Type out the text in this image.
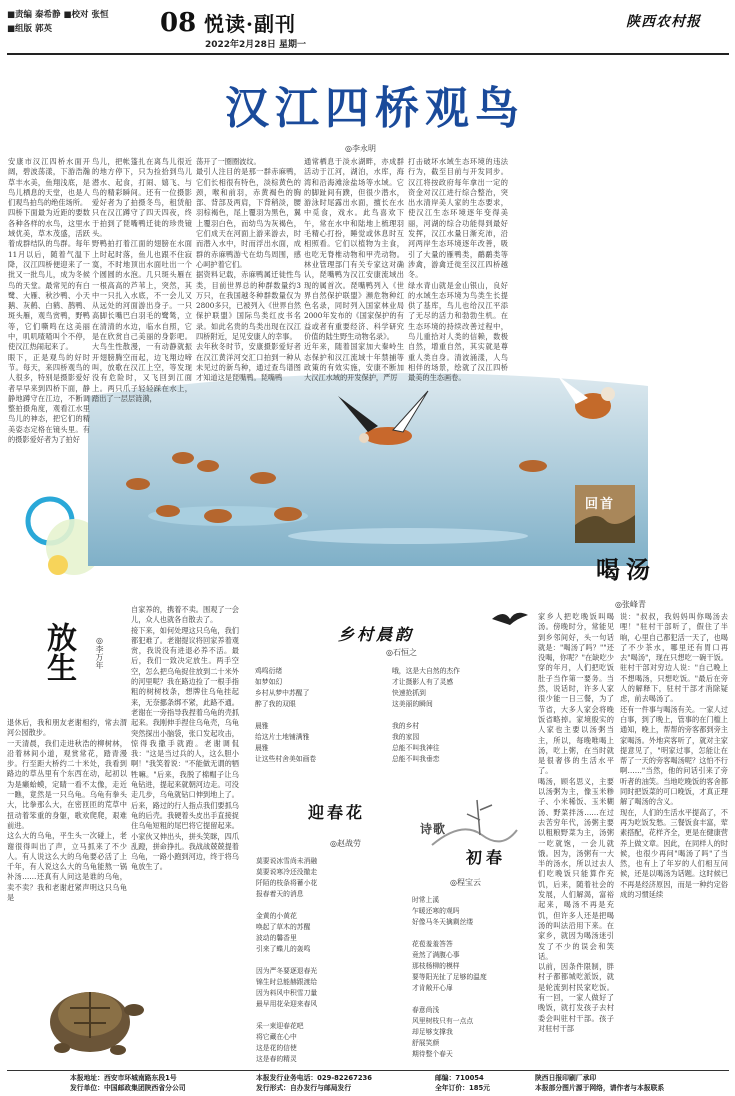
■责编 秦希静 ■校对 张恒
■组版 郭英	08 悦读·副刊
2022年2月28日 星期一
陕西农村报
汉江四桥观鸟
◎李永明
安康市汉江四桥水面开阔，碧波荡漾，下游浩瀚草丰水美，鱼翔浅底，是鸟儿栖息的天堂，也是人们观鸟拍鸟的绝佳场所。
四桥下面最为近距的要数各种各样的水鸟，这里水域优美，草木茂盛，活跃着成群结队的鸟群。每年11月以后，随着气温下降，汉江四桥便迎来了一批又一批鸟儿，成为冬候鸟的天堂。最常见的有白鹭、大雁、秋沙鸭、小天鹅、灰鹤、白鹤、鹊鸭、斑头雁，观鸟赏鸭，野鸭等，它们嘶鸣在这美丽中，叽叽喳喳叫个不停，使汉江热闹起来了。
眼下，正是观鸟的好时节。每天，来四桥观鸟的人很多，特别是摄影爱好者早早来到四桥下面，静静地蹲守在江边，不断调整拍摄角度，观看江水里鸟儿的神态，把它们的精美姿态定格在镜头里。有的摄影爱好者为了拍好
鸟儿，把帐篷扎在离鸟儿很近的地方停下，只为捡拾到鸟儿潜水、起食，打闹、嬉飞、与鸟的精彩瞬间。还有一位摄影爱好者为了拍摄冬鸟，租赁船只在汉江蹲守了四天四夜，终于拍到了琵嘴鸭迁徙的珍贵镜头。
野鸭拍打着江面的翅膀在水面上时起时落，鱼儿也跟不住寂寞，不时地顶出水面吐出一个个圆圆的水泡。几只斑头雁在一根高高的芦苇上，突然，其中一只扎入水底，不一会儿又从远处的河面游出身子。一只高脚长嘴巴白羽毛的鹭鸶，立在清清的水边，临水自照，它是在欣赏自己美丽的身影吧。大鸟生性散漫，一有动静就振开翅膀腾空而起，边飞翔边啼叫，放歌在汉江上空，等发现没有危险时，又飞回到江面上。两只爪子轻轻踩在水上，踏出了一层层涟漪，
荡开了一圈圈波纹。
最引人注目的是那一群赤麻鸭，它们长相很有特色，淡棕黄色的颈，喉和前羽，赤黄褐色的胸部、背部及两肩，下背稍淡，腰羽棕褐色，尾上覆羽为黑色，翼上覆羽白色，而幼鸟为灰褐色，它们成天在河面上游来游去，时而潜入水中，时而浮出水面，成群的赤麻鸭游弋在幼鸟周围，感心呵护着它们。
据资料记载，赤麻鸭属迁徙性鸟类，目前世界总的种群数量约3万只，在我国越冬种群数量仅为2800多只，已被列入《世界自然保护联盟》国际鸟类红皮书名录。如此名贵的鸟类出现在汉江四桥附近，足见安康人的幸事。
去年秋冬时节，安康摄影爱好者在汉江黄洋河交汇口拍到一种从未见过的新鸟种，通过查鸟谱图才知道这是琵嘴鸭。琵嘴鸭
通常栖息于淡水湖畔，亦成群活动于江河，湖泊，水库，海湾和沿海滩涂盐场等水域。它的脚趾间有蹼，但很少潜水，游泳时尾露出水面，擅长在水中觅食，戏水。此鸟喜欢下午，常在水中和陆地上梳理羽毛精心打扮，睡觉或休息时互相照看。它们以植物为主食，也吃无脊椎动物和甲壳动物。林业管理部门有关专家这对确认，琵嘴鸭为汉江安康流域出现的属首次。琵嘴鸭列入《世界自然保护联盟》濒危物种红色名录，同时列入国家林业局2000年发布的《国家保护的有益或者有重要经济、科学研究价值的陆生野生动物名录》。
近年来，随着国家加大秦岭生态保护和汉江流域十年禁捕等政策的有效实施，安康不断加大汉江水域的开发保护，严厉
打击破坏水域生态环境的违法行为，截至目前与开发同步。汉江将按政府每年拿出一定的资金对汉江进行综合整治，突出水清岸美人家的生态要求，使汉江生态环境逐年变得美丽，河湖的综合功能得到最好发挥，汉江水量日渐充沛，沿河两岸生态环境逐年改善，吸引了大量的雁鸭类，鹬鹬类等涉禽，游禽迁徙至汉江四桥越冬。
绿水青山就是金山银山，良好的水域生态环境为鸟类生长提供了基库，鸟儿也给汉江平添了无尽的活力和勃勃生机。在生态环境的持续改善过程中，鸟儿重拾对人类的信赖，数极自然，增重自然，其实就是尊重人类自身。清波涌漾，人鸟相伴的场景，绘就了汉江四桥最美的生态画卷。
回首
喝汤
◎张峰青
家乡人把吃晚饭叫喝汤。傍晚时分，常能见到乡邻间好，头一句话就是："喝汤了吗？""还没喝，你呢？"在缺吃少穿的年月，人们把吃饭肚子当作第一要务。当然，说话时，许多人家很少能一日三餐，为了节省，大多人家会将晚饭省略掉。家境殷实的人家也主要以汤粥当主，所以，每晚唯喝上汤，吃上粥，在当时就是很奢侈的生活水平了。
喝汤，顾名思义，主要以汤粥为主，像玉米糁子、小米稀饭、玉米糊汤、野菜拌汤……在过去苦穷年代，汤粥主要以粗粮野菜为主，汤粥一吃就饱，一会儿就饿。因为，汤粥有一大半的汤水，所以过去人们吃晚饭只能算作充饥，后来，随着社会的发展，人们解渴，富裕起来，喝汤不再是充饥，但许多人还是把喝汤的叫法沿用下来。在家乡，就因为喝汤迷引发了不少的误会和笑话。
以前，因条件限制，胖村子都都城吃派饭，就是轮流到村民家吃饭。有一回，一家人做好了晚饭，就打发孩子去村委会叫驻村干部。孩子对驻村干部
说："叔叔，我妈妈叫你喝汤去哩！"驻村干部听了，假住了半晌，心里自己都犯活一天了，也喝了不少茶水，哪里还有胃口再去"喝汤"，现在只想吃一碗干饭。驻村干部对穷边人说："自己晚上不想喝汤，只想吃饭。"最后在旁人的解释下，驻村干部才消除疑虑，前去喝汤了。
还有一件事与喝汤有关。一家人过白事，到了晚上，管事的在门槛上通知，晚上，帮帮的旁客都到旁主家喝汤。外地宾客听了，就对主家提意见了，"明家过事，怎能让在帮了一天的旁客喝汤呢？这怕不行啊……"当然，他的问话引来了旁听者的油笑。当地吃晚饭的客舍都同时把饭菜的可口晚饭，才真正理解了喝汤的含义。
现在，人们的生活水平提高了，不再为吃饭发愁。三餐饭食丰富，荤素搭配，花样齐全，更是在健康营养上做文章。因此，在同样人的时候，也很少再问"喝汤了吗"了当然，也有上了年岁的人们相互问候，还是以喝汤为话题。这时候已不再是经济原因，而是一种约定俗成的习惯延续
放生 ◎李万年
退休后，我和朋友老谢相约，常去渭河公园散步。
一天清晨，我们走进秋浩的柳树林，沿着林间小道，观赏常花，踏青漫步。行至距大桥约二十米处，我看到路边的草丛里有个东西在动，起初以为是癞蛤蟆，定睛一看不太像，走近一瞧，竟然是一只乌龟。乌龟有拳头大，比拳那么大，在密匝匝的荒草中扭动着笨重的身躯，歌欢爬爬，艰难前进。
这么大的乌龟，平生头一次碰上，老谢很得叫出了声，立马抓来了不少人。有人说这么大的乌龟要必活了上千年，有人说这么大的乌龟能熬一锅补汤……还真有人问这是谁的乌龟，卖不卖？我和老谢赶紧声明这只乌龟是
自家养的，携着不卖。围观了一会儿，众人也就各自散去了。
接下来，如何处理这只乌龟，我们都犯难了。老谢提议将回家养着观赏，我说没有进退必养不活。最后，我们一致决定放生。两手空空，怎么把乌龟捉住放到二十米外的河里呢？我在路边捡了一根手指粗的树树枝条，想牌住乌龟挂起来，无奈挪条绑不紧，此路不通。老谢在一旁指导我捏着乌龟的壳抓起来。我刚伸手捏住乌龟壳，乌龟突然探出小脑袋，张口发起攻击，惊得我撒手就跑。老谢调侃我："这是当过兵的人，这么胆小啊！"我笑着说："不能做无谓的牺牲嘛。"后来，我脱了棉帽子让乌龟钻进，提起来就朝河边走。可没走几步，乌龟就钻口伸到地上了。
后来，路过的行人指点我们要抓乌龟的后壳。我硬着头皮出手直接捉住乌龟短粗的尾巴将它提留起来。小家伙又伸出头，拼头笑眯，四爪乱蹬，拼命挣扎。我战战兢兢提着乌龟，一路小跑到河边，终于将乌龟放生了。
乡村晨韵
◎石恒之
鸡鸣衍绪
如梦如幻
乡村从梦中苏醒了
醉了我的双眼

晨雅
给这片土地铺满雅
晨雅
让这些村舍美如画卷
哦，这是大自然的杰作
才让摄影人有了灵感
快速抢抓到
这美丽的瞬间

我的乡村
我的家园
总能不叫我神往
总能不叫我垂恋
迎春花
◎赵战劳
莫要说冰雪尚未消融
莫要说寒冷还没撤走
阡陌的枝条将蓄小花
报春着天的消息

金黄的小黄花
唤起了草木的苏醒
波动的馨香里
引来了蝶儿的轰鸣

因为严冬要逐退春光
锦生时总能赫跟渡给
因为料风中积雪刀量
最早用花朵迎来春风

采一束迎春花吧
将它藏在心中
这是花的信使
这是春的精灵
诗歌
初春
◎程宝云
时常上溪
乍暖还寒的观吗
好像马冬天擒剩丝缕

花苞羞羞答答
竟然了满腹心事
那枝杨柳的模样
要等阳光扯了足够的温度
才肯敞开心扉

春意尚浅
风里树枝只有一点点
却足够支撑我
舒展笑颜
期待整个春天
本报地址：西安市环城南路东段1号
发行单位：中国邮政集团陕西省分公司
本报发行业务电话：029-82267236
发行形式：自办发行与邮局发行
邮编：710054
全年订价：185元
陕西日报印刷厂承印
本报部分图片源于网络，请作者与本报联系
